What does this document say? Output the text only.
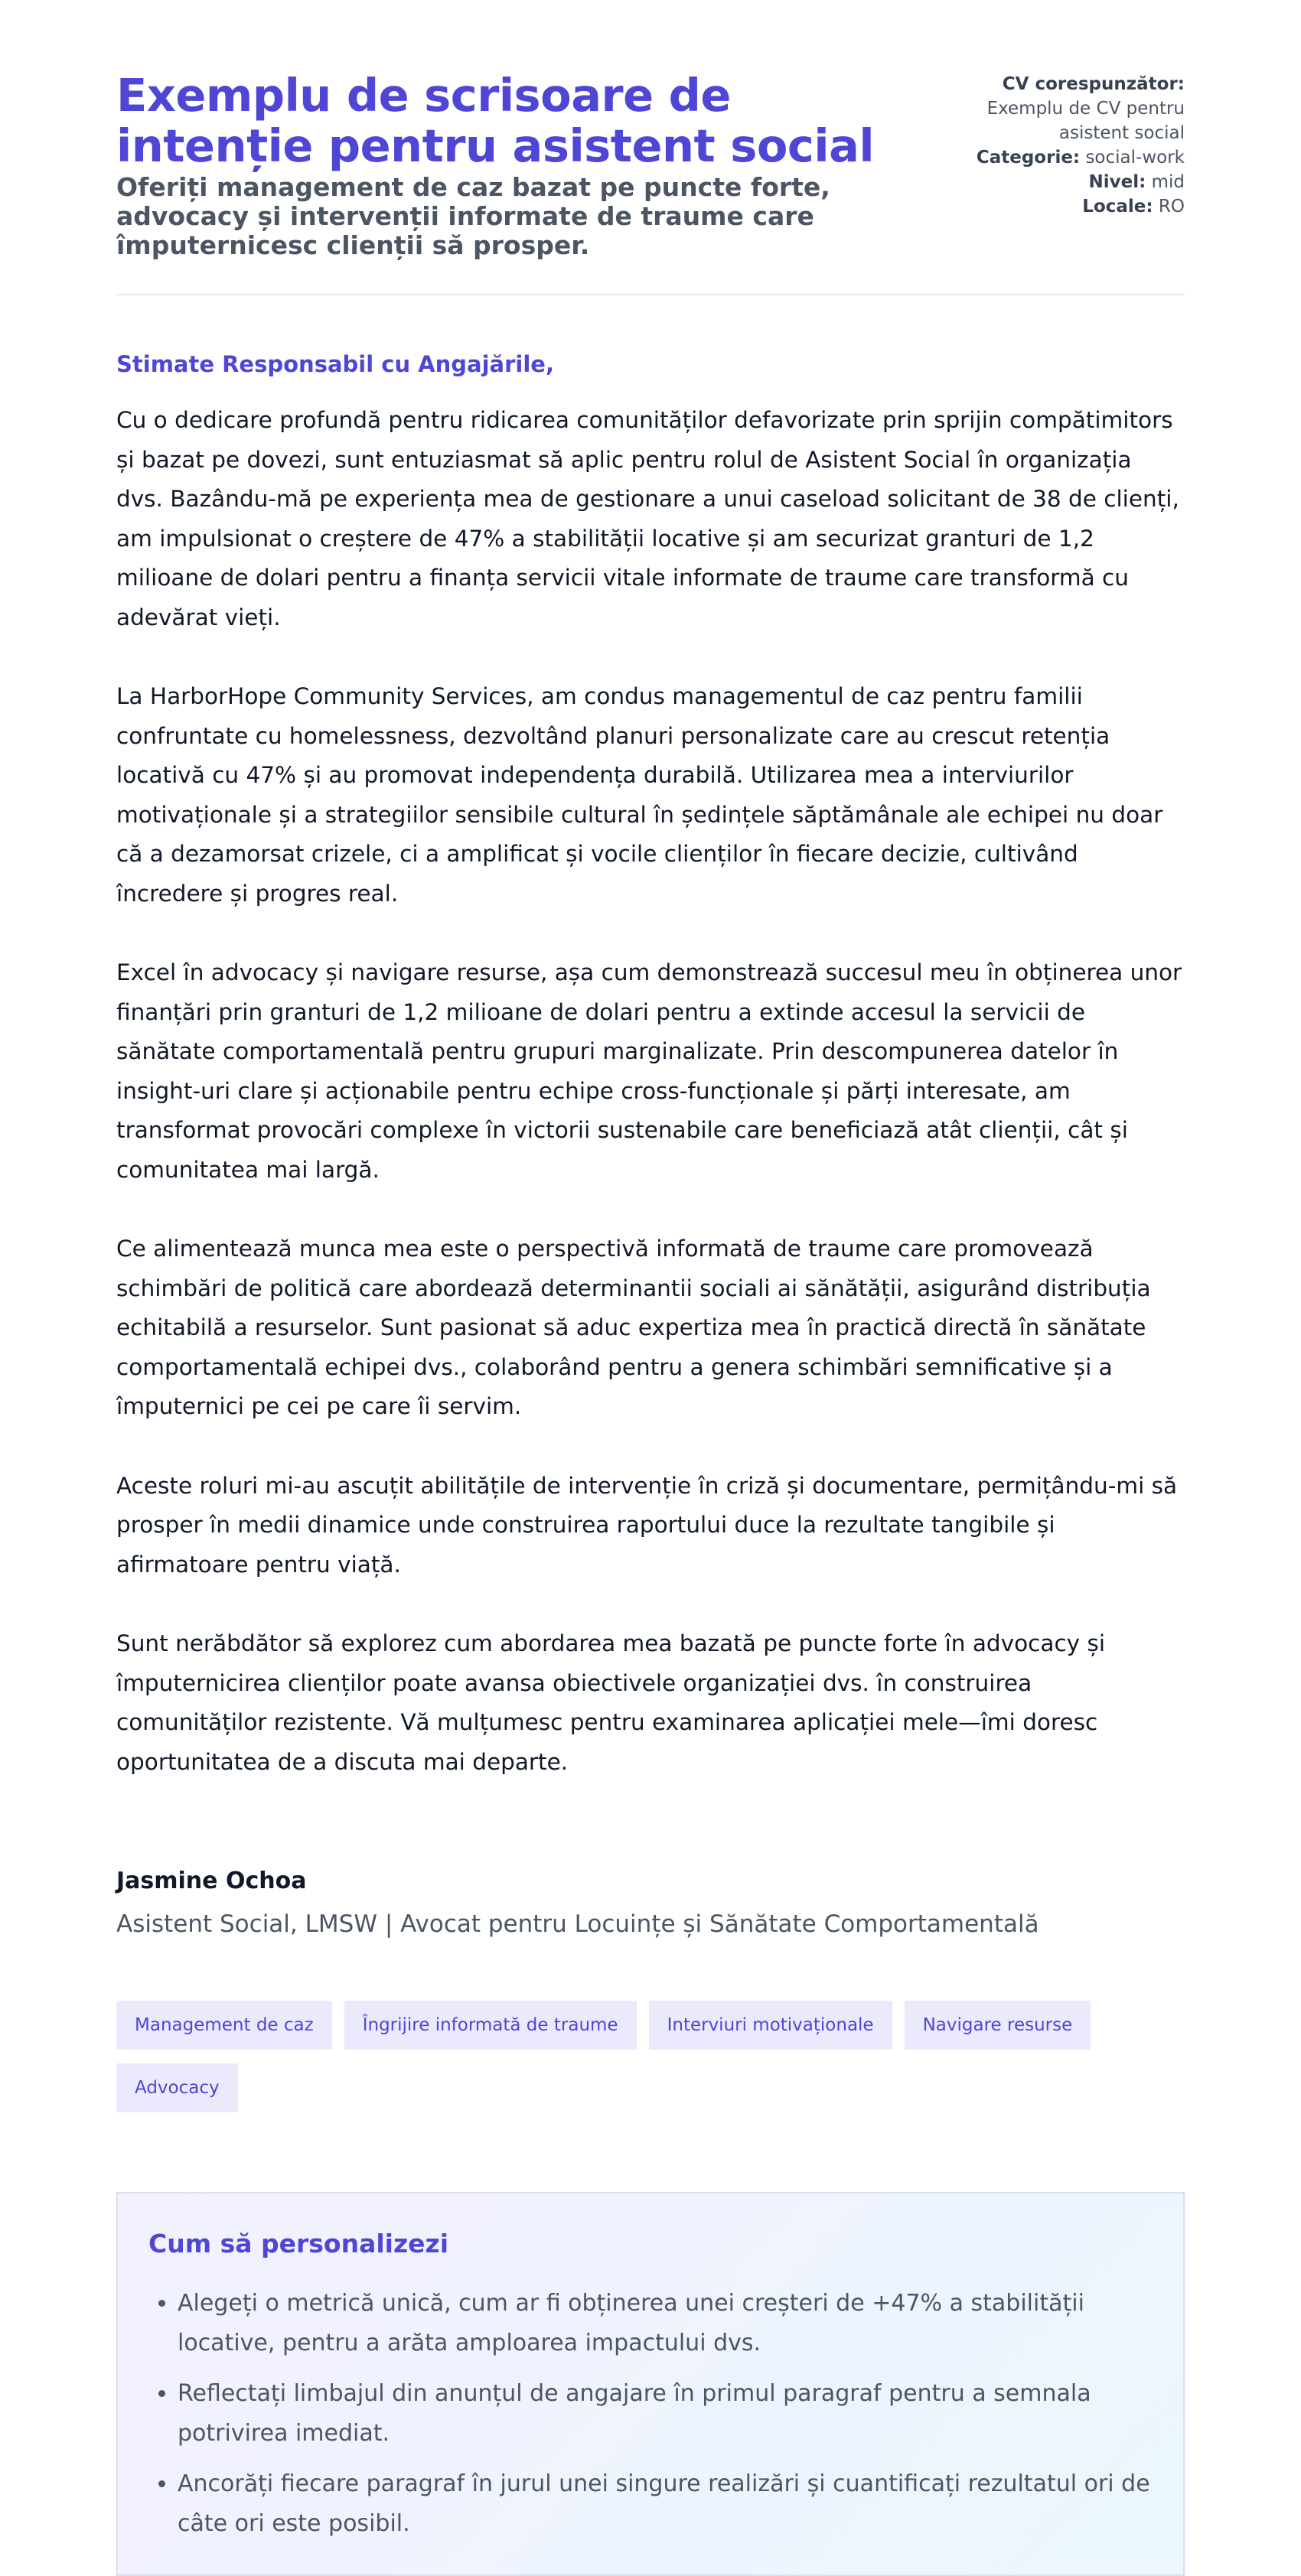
Exemplu de scrisoare de intenție pentru asistent social

Oferiți management de caz bazat pe puncte forte, advocacy și intervenții informate de traume care împuternicesc clienții să prosper.

CV corespunzător: Exemplu de CV pentru asistent social
Categorie: social-work
Nivel: mid
Locale: RO
Stimate Responsabil cu Angajările,

Cu o dedicare profundă pentru ridicarea comunităților defavorizate prin sprijin compătimitors și bazat pe dovezi, sunt entuziasmat să aplic pentru rolul de Asistent Social în organizația dvs. Bazându-mă pe experiența mea de gestionare a unui caseload solicitant de 38 de clienți, am impulsionat o creștere de 47% a stabilității locative și am securizat granturi de 1,2 milioane de dolari pentru a finanța servicii vitale informate de traume care transformă cu adevărat vieți.

La HarborHope Community Services, am condus managementul de caz pentru familii confruntate cu homelessness, dezvoltând planuri personalizate care au crescut retenția locativă cu 47% și au promovat independența durabilă. Utilizarea mea a interviurilor motivaționale și a strategiilor sensibile cultural în ședințele săptămânale ale echipei nu doar că a dezamorsat crizele, ci a amplificat și vocile clienților în fiecare decizie, cultivând încredere și progres real.

Excel în advocacy și navigare resurse, așa cum demonstrează succesul meu în obținerea unor finanțări prin granturi de 1,2 milioane de dolari pentru a extinde accesul la servicii de sănătate comportamentală pentru grupuri marginalizate. Prin descompunerea datelor în insight-uri clare și acționabile pentru echipe cross-funcționale și părți interesate, am transformat provocări complexe în victorii sustenabile care beneficiază atât clienții, cât și comunitatea mai largă.

Ce alimentează munca mea este o perspectivă informată de traume care promovează schimbări de politică care abordează determinantii sociali ai sănătății, asigurând distribuția echitabilă a resurselor. Sunt pasionat să aduc expertiza mea în practică directă în sănătate comportamentală echipei dvs., colaborând pentru a genera schimbări semnificative și a împuternici pe cei pe care îi servim.

Aceste roluri mi-au ascuțit abilitățile de intervenție în criză și documentare, permițându-mi să prosper în medii dinamice unde construirea raportului duce la rezultate tangibile și afirmatoare pentru viață.

Sunt nerăbdător să explorez cum abordarea mea bazată pe puncte forte în advocacy și împuternicirea clienților poate avansa obiectivele organizației dvs. în construirea comunităților rezistente. Vă mulțumesc pentru examinarea aplicației mele—îmi doresc oportunitatea de a discuta mai departe.

Jasmine Ochoa
Asistent Social, LMSW | Avocat pentru Locuințe și Sănătate Comportamentală
Management de caz	Îngrijire informată de traume	Interviuri motivaționale	Navigare resurse
Advocacy
Cum să personalizezi
• Alegeți o metrică unică, cum ar fi obținerea unei creșteri de +47% a stabilității locative, pentru a arăta amploarea impactului dvs.
• Reflectați limbajul din anunțul de angajare în primul paragraf pentru a semnala potrivirea imediat.
• Ancorăți fiecare paragraf în jurul unei singure realizări și cuantificați rezultatul ori de câte ori este posibil.
